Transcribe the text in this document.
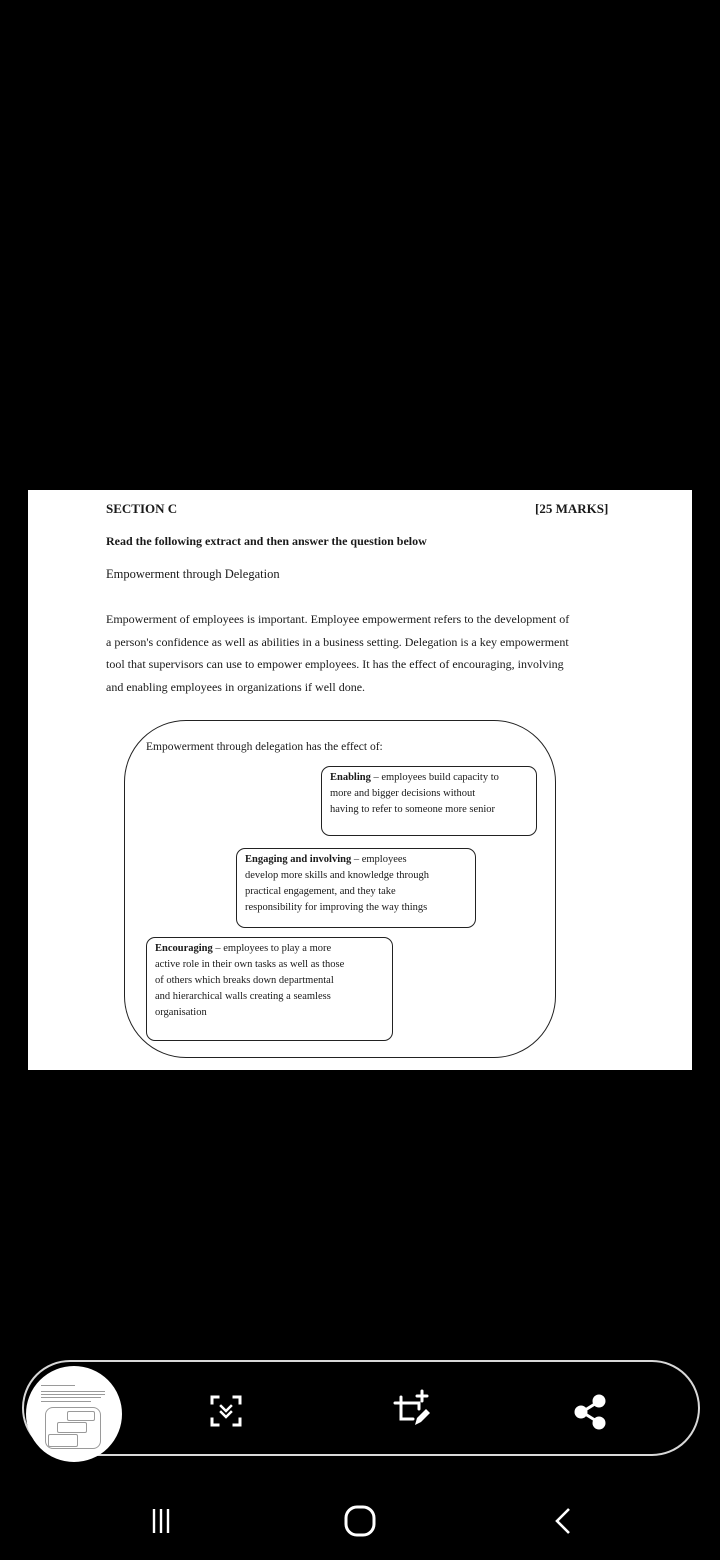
SECTION C	[25 MARKS]
Read the following extract and then answer the question below
Empowerment through Delegation
Empowerment of employees is important. Employee empowerment refers to the development of
a person's confidence as well as abilities in a business setting. Delegation is a key empowerment
tool that supervisors can use to empower employees. It has the effect of encouraging, involving
and enabling employees in organizations if well done.
Empowerment through delegation has the effect of:
Enabling – employees build capacity to
more and bigger decisions without
having to refer to someone more senior
Engaging and involving – employees
develop more skills and knowledge through
practical engagement, and they take
responsibility for improving the way things
Encouraging – employees to play a more
active role in their own tasks as well as those
of others which breaks down departmental
and hierarchical walls creating a seamless
organisation
